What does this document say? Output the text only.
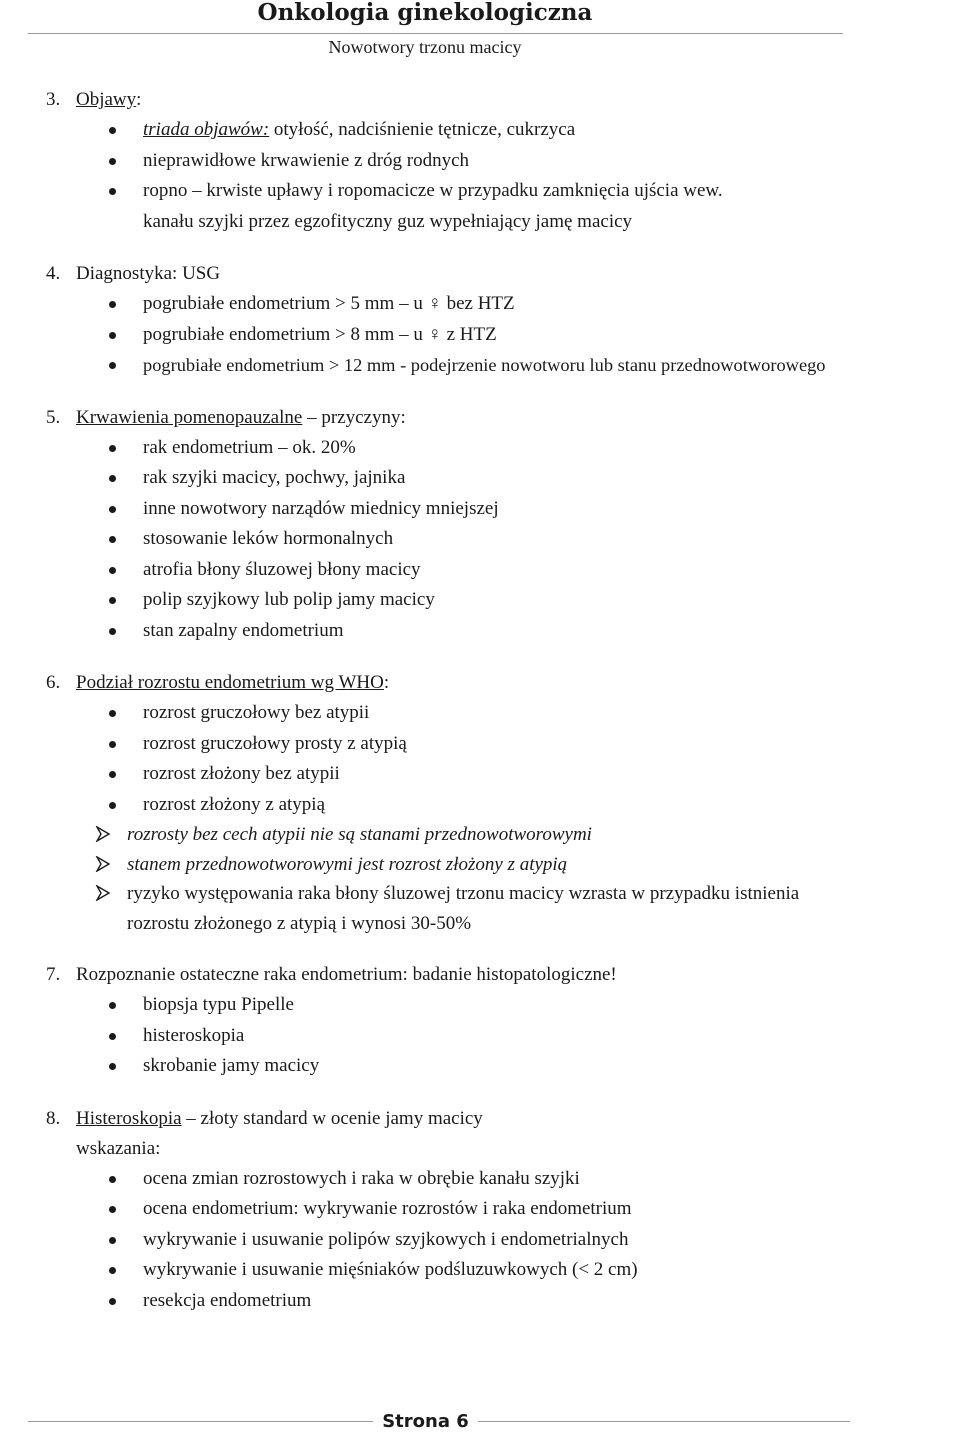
Onkologia ginekologiczna
Nowotwory trzonu macicy
3. Objawy:
triada objawów: otyłość, nadciśnienie tętnicze, cukrzyca
nieprawidłowe krwawienie z dróg rodnych
ropno – krwiste upławy i ropomacicze w przypadku zamknięcia ujścia wew.
kanału szyjki przez egzofityczny guz wypełniający jamę macicy
4. Diagnostyka: USG
pogrubiałe endometrium > 5 mm – u ♀ bez HTZ
pogrubiałe endometrium > 8 mm – u ♀ z HTZ
pogrubiałe endometrium > 12 mm - podejrzenie nowotworu lub stanu przednowotworowego
5. Krwawienia pomenopauzalne – przyczyny:
rak endometrium – ok. 20%
rak szyjki macicy, pochwy, jajnika
inne nowotwory narządów miednicy mniejszej
stosowanie leków hormonalnych
atrofia błony śluzowej błony macicy
polip szyjkowy lub polip jamy macicy
stan zapalny endometrium
6. Podział rozrostu endometrium wg WHO:
rozrost gruczołowy bez atypii
rozrost gruczołowy prosty z atypią
rozrost złożony bez atypii
rozrost złożony z atypią
rozrosty bez cech atypii nie są stanami przednowotworowymi
stanem przednowotworowymi jest rozrost złożony z atypią
ryzyko występowania raka błony śluzowej trzonu macicy wzrasta w przypadku istnienia rozrostu złożonego z atypią i wynosi 30-50%
7. Rozpoznanie ostateczne raka endometrium: badanie histopatologiczne!
biopsja typu Pipelle
histeroskopia
skrobanie jamy macicy
8. Histeroskopia – złoty standard w ocenie jamy macicy
wskazania:
ocena zmian rozrostowych i raka w obrębie kanału szyjki
ocena endometrium: wykrywanie rozrostów i raka endometrium
wykrywanie i usuwanie polipów szyjkowych i endometrialnych
wykrywanie i usuwanie mięśniaków podśluzuwkowych (< 2 cm)
resekcja endometrium
Strona 6
